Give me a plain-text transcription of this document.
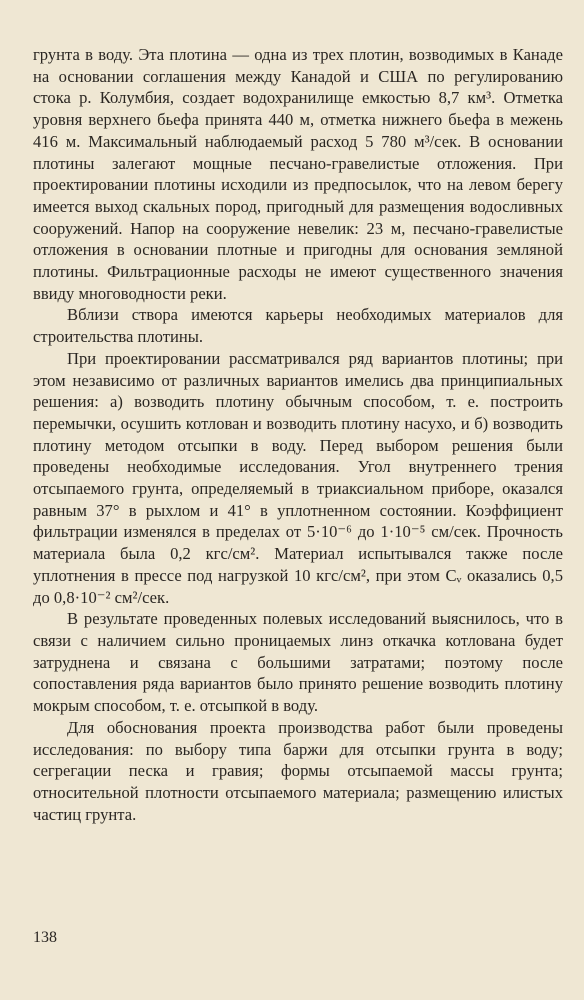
грунта в воду. Эта плотина — одна из трех плотин, возводимых в Канаде на основании соглашения между Канадой и США по регулированию стока р. Колумбия, создает водохранилище емкостью 8,7 км³. Отметка уровня верхнего бьефа принята 440 м, отметка нижнего бьефа в межень 416 м. Максимальный наблюдаемый расход 5 780 м³/сек. В основании плотины залегают мощные песчано-гравелистые отложения. При проектировании плотины исходили из предпосылок, что на левом берегу имеется выход скальных пород, пригодный для размещения водосливных сооружений. Напор на сооружение невелик: 23 м, песчано-гравелистые отложения в основании плотные и пригодны для основания земляной плотины. Фильтрационные расходы не имеют существенного значения ввиду многоводности реки.

Вблизи створа имеются карьеры необходимых материалов для строительства плотины.

При проектировании рассматривался ряд вариантов плотины; при этом независимо от различных вариантов имелись два принципиальных решения: а) возводить плотину обычным способом, т. е. построить перемычки, осушить котлован и возводить плотину насухо, и б) возводить плотину методом отсыпки в воду. Перед выбором решения были проведены необходимые исследования. Угол внутреннего трения отсыпаемого грунта, определяемый в триаксиальном приборе, оказался равным 37° в рыхлом и 41° в уплотненном состоянии. Коэффициент фильтрации изменялся в пределах от 5·10⁻⁶ до 1·10⁻⁵ см/сек. Прочность материала была 0,2 кгс/см². Материал испытывался также после уплотнения в прессе под нагрузкой 10 кгс/см², при этом Cᵥ оказались 0,5 до 0,8·10⁻² см²/сек.

В результате проведенных полевых исследований выяснилось, что в связи с наличием сильно проницаемых линз откачка котлована будет затруднена и связана с большими затратами; поэтому после сопоставления ряда вариантов было принято решение возводить плотину мокрым способом, т. е. отсыпкой в воду.

Для обоснования проекта производства работ были проведены исследования: по выбору типа баржи для отсыпки грунта в воду; сегрегации песка и гравия; формы отсыпаемой массы грунта; относительной плотности отсыпаемого материала; размещению илистых частиц грунта.

138
